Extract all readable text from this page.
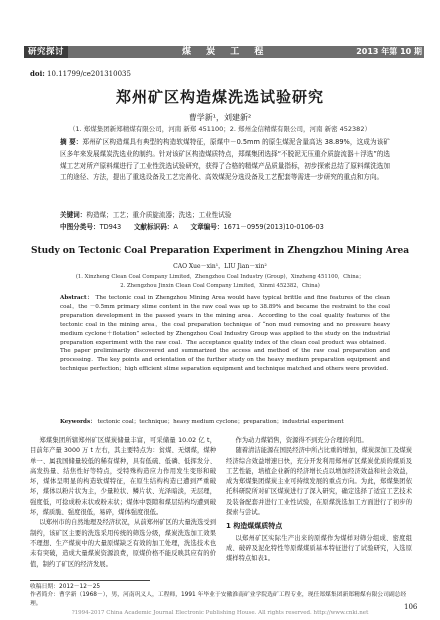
研究探讨	煤 炭 工 程	2013 年第 10 期
doi: 10.11799/ce201310035
郑州矿区构造煤洗选试验研究
曹学新¹，刘建新²
（1. 郑煤集团新郑精煤有限公司，河南 新郑 451100；2. 郑州金信精煤有限公司，河南 新密 452382）
摘 要：郑州矿区构造煤具有典型的构造软煤特征，原煤中－0.5mm 的原生煤泥含量高达 38.89%，这成为该矿区多年来发展煤炭洗选业的制约。针对该矿区构造煤质特点，郑煤集团选择“不脱泥无压重介质旋流器＋浮选”的选煤工艺对所产原料煤进行了工业性洗选试验研究，获得了合格的精煤产品质量指标，初步探索总结了原料煤洗选加工的途径、方法，提出了重选设备及工艺完善化、高效煤泥分选设备及工艺配套等需进一步研究的重点和方向。
关键词：构造煤；工艺；重介质旋流器；洗选；工业性试验
中图分类号：TD943 文献标识码：A 文章编号：1671－0959(2013)10-0106-03
Study on Tectonic Coal Preparation Experiment in Zhengzhou Mining Area
CAO Xue－xin¹，LIU Jian－xin²
(1. Xinzheng Clean Coal Company Limited，Zhengzhou Coal Industry (Group)，Xinzheng 451100，China；
2. Zhengzhou Jinxin Clean Coal Company Limited，Xinmi 452382，China)
Abstract： The tectonic coal in Zhengzhou Mining Area would have typical brittle and fine features of the clean coal，the －0.5mm primary slime content in the raw coal was up to 38.89% and became the restraint to the coal preparation development in the passed years in the mining area．According to the coal quality features of the tectonic coal in the mining area，the coal preparation technique of “non mud removing and no pressure heavy medium cyclone＋flotation” selected by Zhengzhou Coal Industry Group was applied to the study on the industrial preparation experiment with the raw coal．The acceptance quality index of the clean coal product was obtained．The paper preliminarily discovered and summarized the access and method of the raw coal preparation and processing．The key points and orientation of the further study on the heavy medium preparation equipment and technique perfection；high efficient slime separation equipment and technique matched and others were provided.
Keywords： tectonic coal；technique；heavy medium cyclone；preparation；industrial experiment

郑煤集团所辖郑州矿区煤炭储量丰富，可采储量 10.02 亿 t，目前年产量 3000 万 t 左右，其主要特点为：贫煤、无烟煤，煤种单一、属我国储量较低的稀有煤种，具有低硫、低磷、低挥发分、高发热量、结焦性好等特点，受特殊构造应力作用发生变形和破坏，煤体呈明显的构造软煤特征，在原生结构构造已遭到严重破坏，煤体以粉片状为主，少量粒状、鳞片状、光泽暗淡，无层理，强度低，可捻成粉末状或粉末状；煤体中裂隙和煤层结构均遭到破坏，煤质脆、强度很低，易碎，煤体强度很低。

以郑州市的自然地理及经济状况，从前郑州矿区的大量洗选受到制约，该矿区主要的洗选采用传统的筛选分级，煤炭洗选加工效果不理想、生产煤炭中的大量原煤缺乏有效的加工处理，洗选技术也未有突破，造成大量煤炭资源浪费，原煤价格不能反映其应有的价值，制约了矿区的经济发展。

作为动力煤销售，资源得不到充分合理的利用。

随着清洁能源在国民经济中所占比重的增加，煤炭深加工及煤炭经济综合效益增速日快，充分开发利用郑州矿区煤炭优质的煤质及工艺性能，培植企业新的经济增长点以增加经济效益和社会效益，成为郑煤集团煤炭主业可持续发展的重点方向。为此，郑煤集团依托科研院所对矿区煤炭进行了深入研究，确定选择了适宜工艺技术及装备配套并进行工业性试验，在原煤洗选加工方面进行了初步的探索与尝试。

1 构造煤煤质特点

以郑州矿区实际生产出来的原煤作为煤样对筛分组成、密度组成、破碎及泥化特性等原煤煤质基本特征进行了试验研究，入选原煤样特点如表1。

收稿日期：2012－12－25
作者简介：曹学新（1968－），男，河南巩义人，工程师，1991 年毕业于安徽淮南矿业学院选矿工程专业，现任郑煤集团新郑精煤有限公司副总经理。	106
?1994-2017 China Academic Journal Electronic Publishing House. All rights reserved. http://www.cnki.net
